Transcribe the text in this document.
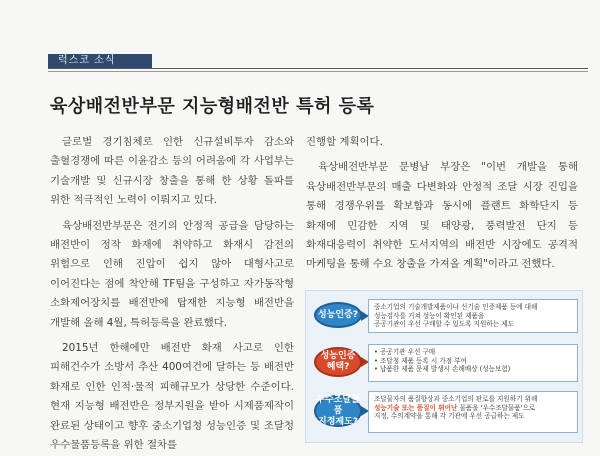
럭스코 소식
육상배전반부문 지능형배전반 특허 등록

글로벌 경기침체로 인한 신규설비투자 감소와 출혈경쟁에 따른 이윤감소 등의 어려움에 각 사업부는 기술개발 및 신규시장 창출을 통해 한 상황 돌파를 위한 적극적인 노력이 이뤄지고 있다.

육상배전반부문은 전기의 안정적 공급을 담당하는 배전반이 정작 화재에 취약하고 화재시 감전의 위험으로 인해 진압이 쉽지 않아 대형사고로 이어진다는 점에 착안해 TF팀을 구성하고 자가동작형 소화제어장치를 배전반에 탑재한 지능형 배전반을 개발해 올해 4월, 특허등록을 완료했다.

2015년 한해에만 배전반 화재 사고로 인한 피해건수가 소방서 추산 400여건에 달하는 등 배전반 화재로 인한 인적·물적 피해규모가 상당한 수준이다. 현재 지능형 배전반은 정부지원을 받아 시제품제작이 완료된 상태이고 향후 중소기업청 성능인증 및 조달청 우수물품등록을 위한 절차를

진행할 계획이다.

육상배전반부문 문병남 부장은 "이번 개발을 통해 육상배전반부문의 매출 다변화와 안정적 조달 시장 진입을 통해 경쟁우위를 확보함과 동시에 플랜트 화학단지 등 화재에 민감한 지역 및 태양광, 풍력발전 단지 등 화재대응력이 취약한 도서지역의 배전반 시장에도 공격적 마케팅을 통해 수요 창출을 가져올 계획"이라고 전했다.

성능인증?
중소기업의 기술개발제품이나 신기술 인증제품 등에 대해
성능검사를 거쳐 성능이 확인된 제품을
공공기관이 우선 구매할 수 있도록 지원하는 제도
성능인증
혜택?
• 공공기관 우선 구매
• 조달청 제품 등록 시 가점 부여
• 납품한 제품 문제 발생시 손해배상 (성능보험)
우수조달물품
지정제도?
조달물자의 품질향상과 중소기업의 판로를 지원하기 위해
성능기술 또는 품질이 뛰어난 물품을 '우수조달물품'으로
지정, 수의계약을 통해 각 기관에 우선 공급하는 제도
